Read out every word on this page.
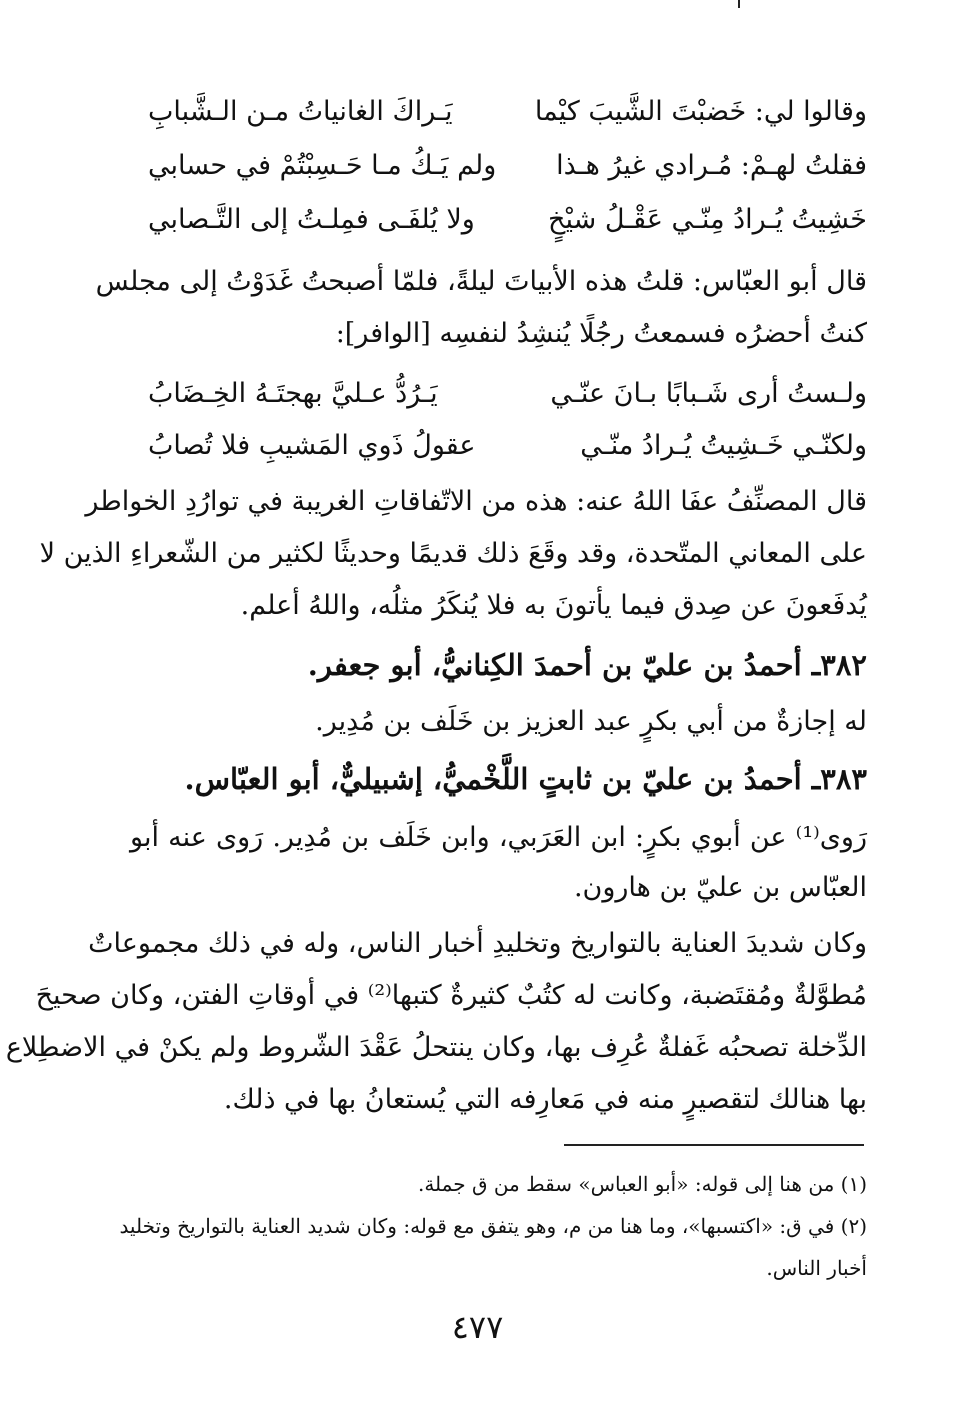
وقالوا لي: خَضبْتَ الشَّيبَ كيْما
يَـراكَ الغانياتُ مـن الـشَّبابِ
فقلتُ لهـمْ: مُـرادي غيرُ هـذا
ولم يَـكُ مـا حَـسِبْتُمْ في حسابي
خَشِيتُ يُـرادُ مِنّـي عَقْـلُ شيْخٍ
ولا يُلفَـى فمِلـتُ إلى التَّـصابي
قال أبو العبّاس: قلتُ هذه الأبياتَ ليلةً، فلمّا أصبحتُ غَدَوْتُ إلى مجلس
كنتُ أحضرُه فسمعتُ رجُلًا يُنشِدُ لنفسِه [الوافر]:
ولـستُ أرى شَـبابًا بـانَ عنّـي
يَـرُدُّ عـليَّ بهجتَـهُ الخِـضَابُ
ولكنّـي خَـشِيتُ يُـرادُ منّـي
عقولُ ذَوي المَشيبِ فلا تُصابُ
قال المصنِّفُ عفَا اللهُ عنه: هذه من الاتّفاقاتِ الغريبة في توارُدِ الخواطر
على المعاني المتّحدة، وقد وقَعَ ذلك قديمًا وحديثًا لكثير من الشّعراءِ الذين لا
يُدفَعونَ عن صِدق فيما يأتونَ به فلا يُنكَرُ مثلُه، واللهُ أعلم.
٣٨٢ـ أحمدُ بن عليّ بن أحمدَ الكِنانيُّ، أبو جعفر.
له إجازةٌ من أبي بكرٍ عبد العزيز بن خَلَف بن مُدِير.
٣٨٣ـ أحمدُ بن عليّ بن ثابتٍ اللَّخْميُّ، إشبيليٌّ، أبو العبّاس.
رَوى⁽¹⁾ عن أبوي بكرٍ: ابن العَرَبي، وابن خَلَف بن مُدِير. رَوى عنه أبو
العبّاس بن عليّ بن هارون.
وكان شديدَ العناية بالتواريخ وتخليدِ أخبار الناس، وله في ذلك مجموعاتٌ
مُطوَّلةٌ ومُقتَضبة، وكانت له كتُبٌ كثيرةٌ كتبها⁽²⁾ في أوقاتِ الفتن، وكان صحيحَ
الدِّخلة تصحبُه غَفلةٌ عُرِف بها، وكان ينتحلُ عَقْدَ الشّروط ولم يكنْ في الاضطِلاع
بها هنالك لتقصيرٍ منه في مَعارِفه التي يُستعانُ بها في ذلك.
(١) من هنا إلى قوله: «أبو العباس» سقط من ق جملة.
(٢) في ق: «اكتسبها»، وما هنا من م، وهو يتفق مع قوله: وكان شديد العناية بالتواريخ وتخليد
أخبار الناس.
٤٧٧
